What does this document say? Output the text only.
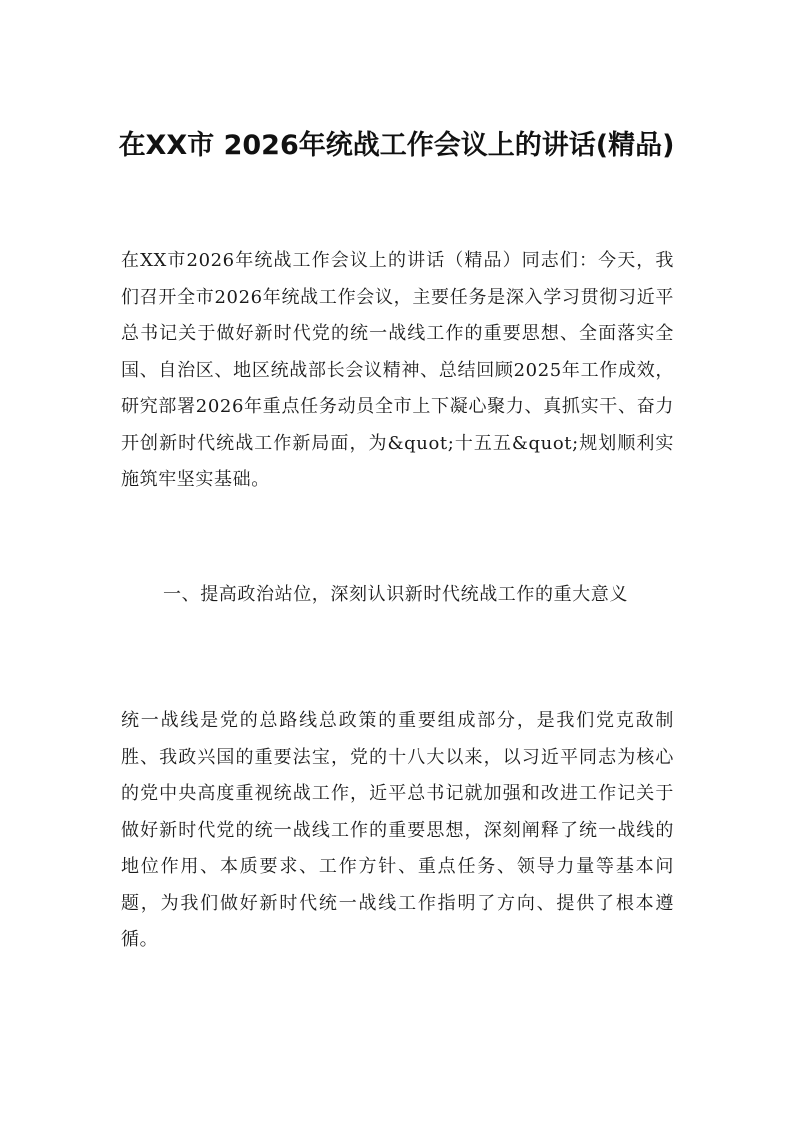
在XX市 2026年统战工作会议上的讲话(精品)

在XX市2026年统战工作会议上的讲话（精品）同志们：今天，我们召开全市2026年统战工作会议，主要任务是深入学习贯彻习近平总书记关于做好新时代党的统一战线工作的重要思想、全面落实全国、自治区、地区统战部长会议精神、总结回顾2025年工作成效，研究部署2026年重点任务动员全市上下凝心聚力、真抓实干、奋力开创新时代统战工作新局面，为&quot;十五五&quot;规划顺利实施筑牢坚实基础。

一、提高政治站位，深刻认识新时代统战工作的重大意义

统一战线是党的总路线总政策的重要组成部分，是我们党克敌制胜、我政兴国的重要法宝，党的十八大以来，以习近平同志为核心的党中央高度重视统战工作，近平总书记就加强和改进工作记关于做好新时代党的统一战线工作的重要思想，深刻阐释了统一战线的地位作用、本质要求、工作方针、重点任务、领导力量等基本问题，为我们做好新时代统一战线工作指明了方向、提供了根本遵循。
